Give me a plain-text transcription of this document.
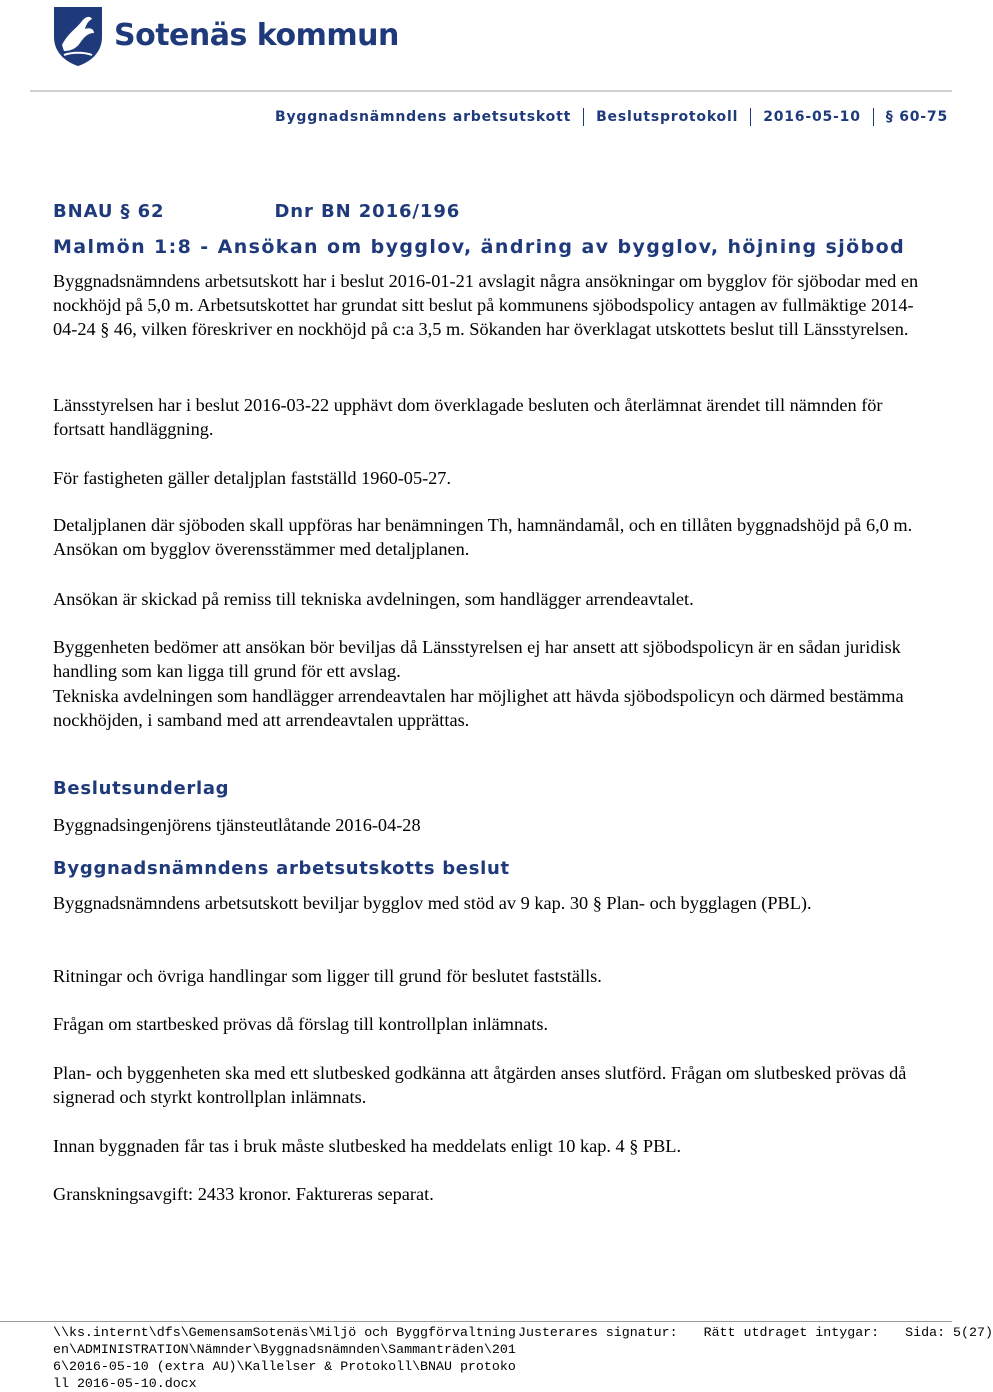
Sotenäs kommun
Byggnadsnämndens arbetsutskott Beslutsprotokoll 2016-05-10 § 60-75
BNAU § 62	Dnr BN 2016/196
Malmön 1:8 - Ansökan om bygglov, ändring av bygglov, höjning sjöbod

Byggnadsnämndens arbetsutskott har i beslut 2016-01-21 avslagit några ansökningar om bygglov för sjöbodar med en nockhöjd på 5,0 m. Arbetsutskottet har grundat sitt beslut på kommunens sjöbodspolicy antagen av fullmäktige 2014-04-24 § 46, vilken föreskriver en nockhöjd på c:a 3,5 m. Sökanden har överklagat utskottets beslut till Länsstyrelsen.

Länsstyrelsen har i beslut 2016-03-22 upphävt dom överklagade besluten och återlämnat ärendet till nämnden för fortsatt handläggning.

För fastigheten gäller detaljplan fastställd 1960-05-27.

Detaljplanen där sjöboden skall uppföras har benämningen Th, hamnändamål, och en tillåten byggnadshöjd på 6,0 m. Ansökan om bygglov överensstämmer med detaljplanen.

Ansökan är skickad på remiss till tekniska avdelningen, som handlägger arrendeavtalet.

Byggenheten bedömer att ansökan bör beviljas då Länsstyrelsen ej har ansett att sjöbodspolicyn är en sådan juridisk handling som kan ligga till grund för ett avslag.

Tekniska avdelningen som handlägger arrendeavtalen har möjlighet att hävda sjöbodspolicyn och därmed bestämma nockhöjden, i samband med att arrendeavtalen upprättas.

Beslutsunderlag

Byggnadsingenjörens tjänsteutlåtande 2016-04-28

Byggnadsnämndens arbetsutskotts beslut

Byggnadsnämndens arbetsutskott beviljar bygglov med stöd av 9 kap. 30 § Plan- och bygglagen (PBL).

Ritningar och övriga handlingar som ligger till grund för beslutet fastställs.

Frågan om startbesked prövas då förslag till kontrollplan inlämnats.

Plan- och byggenheten ska med ett slutbesked godkänna att åtgärden anses slutförd. Frågan om slutbesked prövas då signerad och styrkt kontrollplan inlämnats.

Innan byggnaden får tas i bruk måste slutbesked ha meddelats enligt 10 kap. 4 § PBL.

Granskningsavgift: 2433 kronor. Faktureras separat.

\\ks.internt\dfs\GemensamSotenäs\Miljö och Byggförvaltningen\ADMINISTRATION\Nämnder\Byggnadsnämnden\Sammanträden\2016\2016-05-10 (extra AU)\Kallelser & Protokoll\BNAU protokoll 2016-05-10.docx
Justerares signatur: Rätt utdraget intygar: Sida: 5(27)
